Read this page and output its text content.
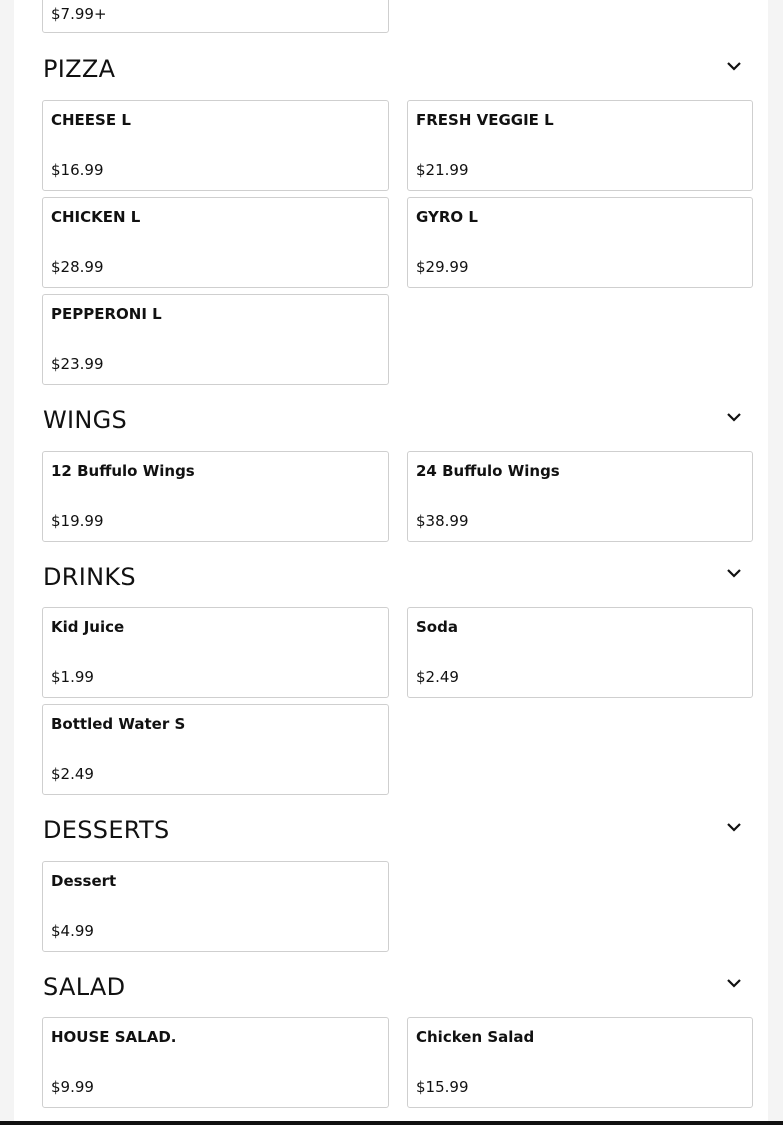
$7.99+
PIZZA
CHEESE L
$16.99
FRESH VEGGIE L
$21.99
CHICKEN L
$28.99
GYRO L
$29.99
PEPPERONI L
$23.99
WINGS
12 Buffulo Wings
$19.99
24 Buffulo Wings
$38.99
DRINKS
Kid Juice
$1.99
Soda
$2.49
Bottled Water S
$2.49
DESSERTS
Dessert
$4.99
SALAD
HOUSE SALAD.
$9.99
Chicken Salad
$15.99
